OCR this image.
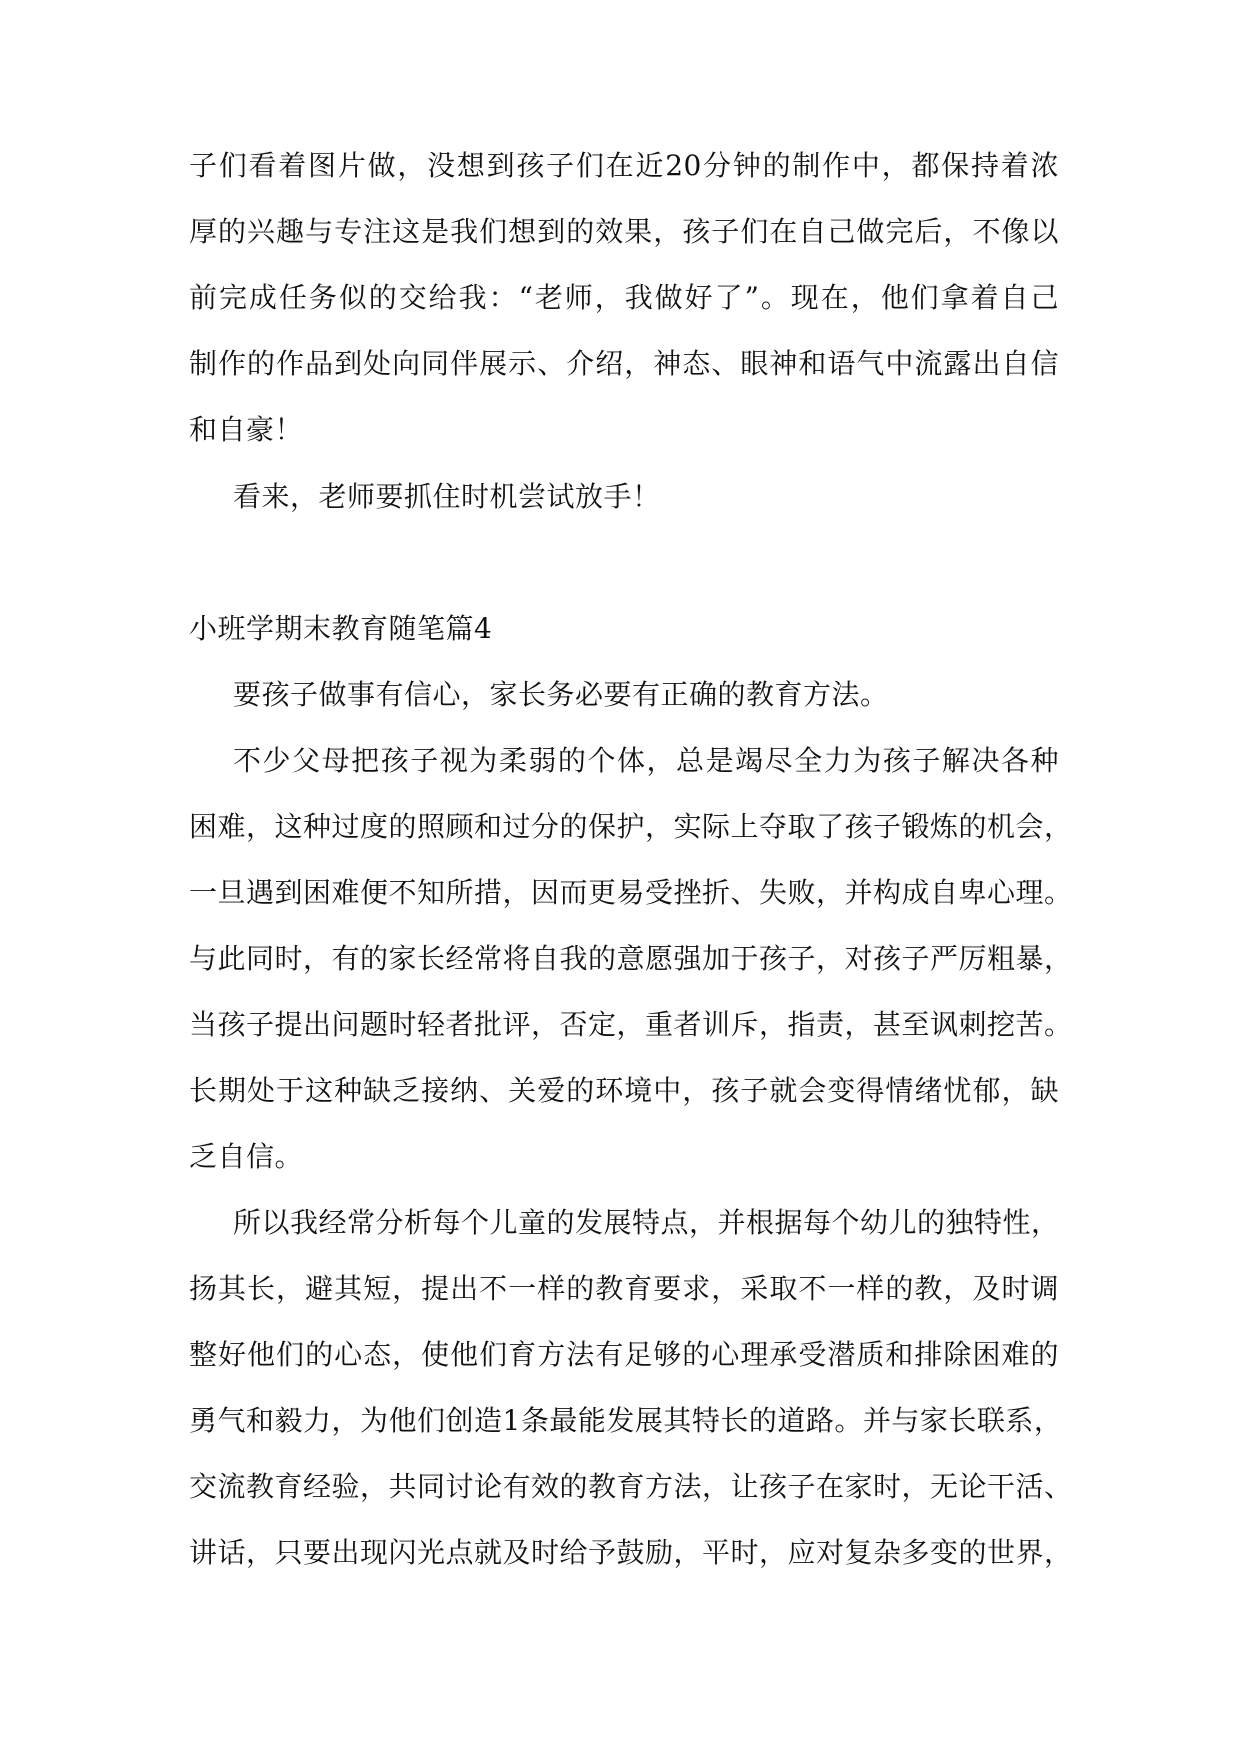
子们看着图片做，没想到孩子们在近20分钟的制作中，都保持着浓
厚的兴趣与专注这是我们想到的效果，孩子们在自己做完后，不像以
前完成任务似的交给我：“老师，我做好了”。现在，他们拿着自己
制作的作品到处向同伴展示、介绍，神态、眼神和语气中流露出自信
和自豪！
看来，老师要抓住时机尝试放手！
小班学期末教育随笔篇4
要孩子做事有信心，家长务必要有正确的教育方法。
不少父母把孩子视为柔弱的个体，总是竭尽全力为孩子解决各种
困难，这种过度的照顾和过分的保护，实际上夺取了孩子锻炼的机会，
一旦遇到困难便不知所措，因而更易受挫折、失败，并构成自卑心理。
与此同时，有的家长经常将自我的意愿强加于孩子，对孩子严厉粗暴，
当孩子提出问题时轻者批评，否定，重者训斥，指责，甚至讽刺挖苦。
长期处于这种缺乏接纳、关爱的环境中，孩子就会变得情绪忧郁，缺
乏自信。
所以我经常分析每个儿童的发展特点，并根据每个幼儿的独特性，
扬其长，避其短，提出不一样的教育要求，采取不一样的教，及时调
整好他们的心态，使他们育方法有足够的心理承受潜质和排除困难的
勇气和毅力，为他们创造1条最能发展其特长的道路。并与家长联系，
交流教育经验，共同讨论有效的教育方法，让孩子在家时，无论干活、
讲话，只要出现闪光点就及时给予鼓励，平时，应对复杂多变的世界，
